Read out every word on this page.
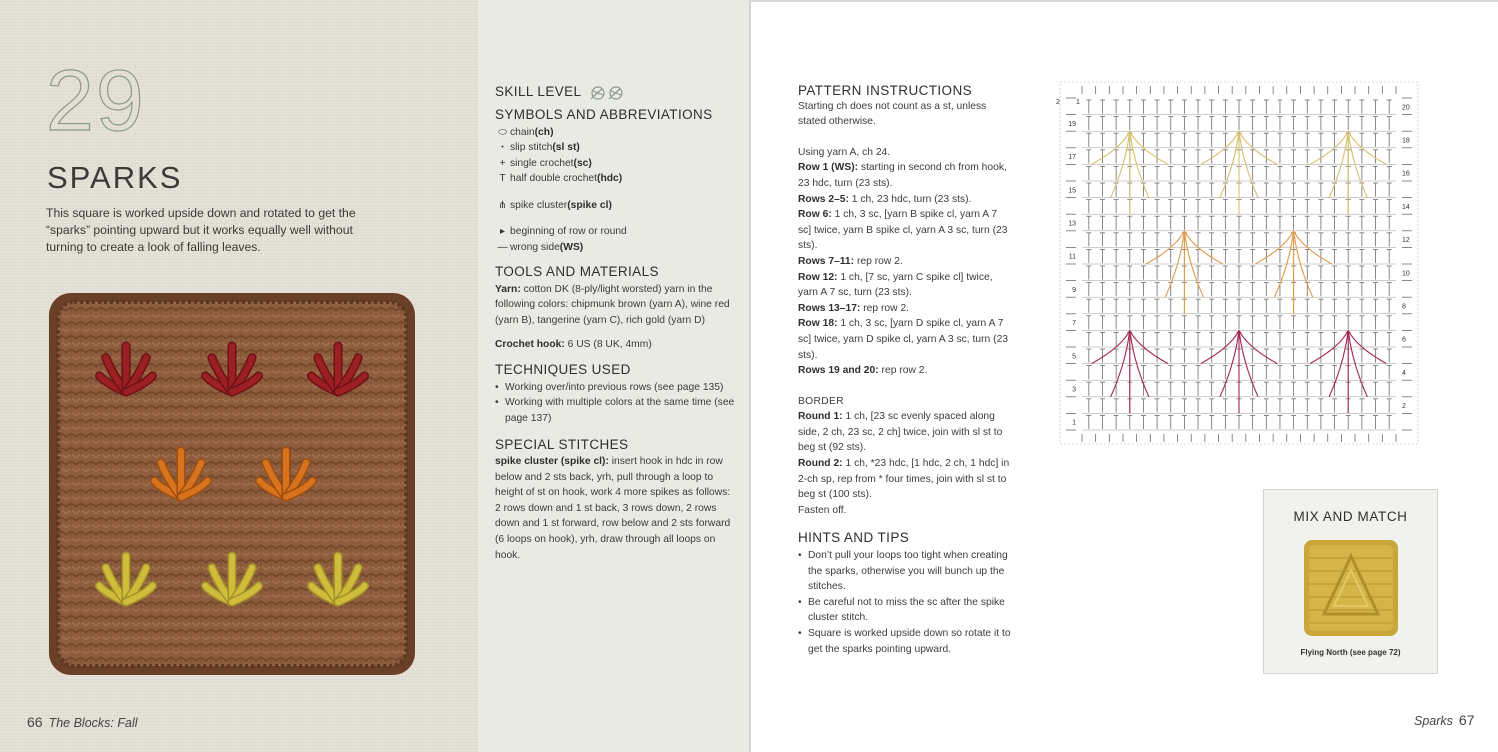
29
SPARKS
This square is worked upside down and rotated to get the “sparks” pointing upward but it works equally well without turning to create a look of falling leaves.
66 The Blocks: Fall
SKILL LEVEL
SYMBOLS AND ABBREVIATIONS
⬭ chain (ch)
• slip stitch (sl st)
+ single crochet (sc)
T half double crochet (hdc)
⋔ spike cluster (spike cl)
▸ beginning of row or round
— wrong side (WS)
TOOLS AND MATERIALS

Yarn: cotton DK (8-ply/light worsted) yarn in the following colors: chipmunk brown (yarn A), wine red (yarn B), tangerine (yarn C), rich gold (yarn D)

Crochet hook: 6 US (8 UK, 4mm)

TECHNIQUES USED
• Working over/into previous rows (see page 135)
• Working with multiple colors at the same time (see page 137)
SPECIAL STITCHES

spike cluster (spike cl): insert hook in hdc in row below and 2 sts back, yrh, pull through a loop to height of st on hook, work 4 more spikes as follows: 2 rows down and 1 st back, 3 rows down, 2 rows down and 1 st forward, row below and 2 sts forward (6 loops on hook), yrh, draw through all loops on hook.

PATTERN INSTRUCTIONS

Starting ch does not count as a st, unless stated otherwise.

Using yarn A, ch 24.

Row 1 (WS): starting in second ch from hook, 23 hdc, turn (23 sts).

Rows 2–5: 1 ch, 23 hdc, turn (23 sts).

Row 6: 1 ch, 3 sc, [yarn B spike cl, yarn A 7 sc] twice, yarn B spike cl, yarn A 3 sc, turn (23 sts).

Rows 7–11: rep row 2.

Row 12: 1 ch, [7 sc, yarn C spike cl] twice, yarn A 7 sc, turn (23 sts).

Rows 13–17: rep row 2.

Row 18: 1 ch, 3 sc, [yarn D spike cl, yarn A 7 sc] twice, yarn D spike cl, yarn A 3 sc, turn (23 sts).

Rows 19 and 20: rep row 2.

BORDER

Round 1: 1 ch, [23 sc evenly spaced along side, 2 ch, 23 sc, 2 ch] twice, join with sl st to beg st (92 sts).

Round 2: 1 ch, *23 hdc, [1 hdc, 2 ch, 1 hdc] in 2-ch sp, rep from * four times, join with sl st to beg st (100 sts).

Fasten off.

HINTS AND TIPS
• Don’t pull your loops too tight when creating the sparks, otherwise you will bunch up the stitches.
• Be careful not to miss the sc after the spike cluster stitch.
• Square is worked upside down so rotate it to get the sparks pointing upward.
1
3
5
7
9
11
13
15
17
19
2
4
6
8
10
12
14
16
18
20
2 1
MIX AND MATCH
Flying North (see page 72)
Sparks 67
